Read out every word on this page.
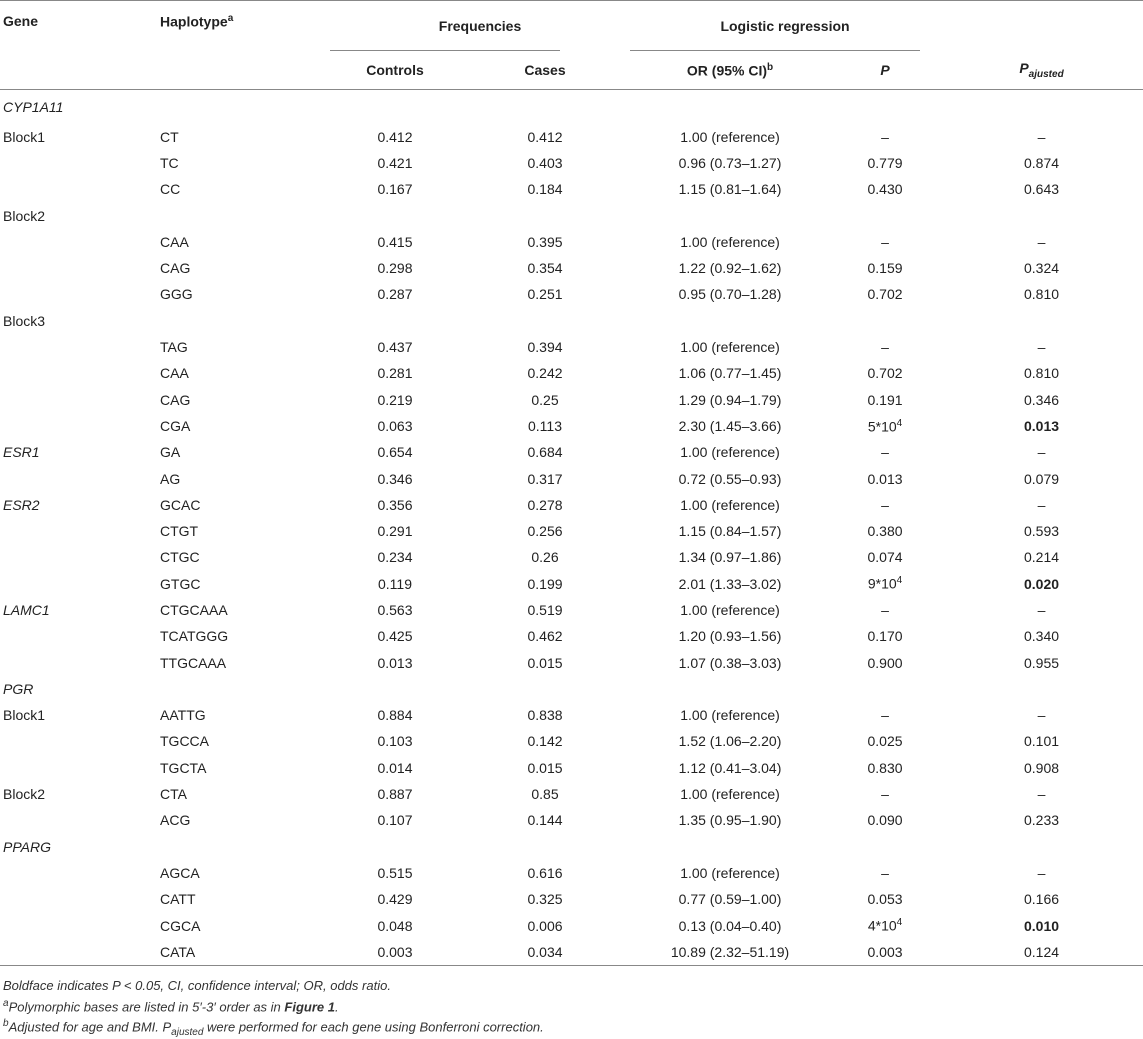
Gene	Haplotype$^a$	Frequencies		Logistic regression	

		Controls	Cases	OR (95% CI)$^b$	P	$P_{ajusted}$
CYP1A11						
Block1	CT	0.412	0.412	1.00 (reference)	–	–
	TC	0.421	0.403	0.96 (0.73–1.27)	0.779	0.874
	CC	0.167	0.184	1.15 (0.81–1.64)	0.430	0.643
Block2						
	CAA	0.415	0.395	1.00 (reference)	–	–
	CAG	0.298	0.354	1.22 (0.92–1.62)	0.159	0.324
	GGG	0.287	0.251	0.95 (0.70–1.28)	0.702	0.810
Block3						
	TAG	0.437	0.394	1.00 (reference)	–	–
	CAA	0.281	0.242	1.06 (0.77–1.45)	0.702	0.810
	CAG	0.219	0.25	1.29 (0.94–1.79)	0.191	0.346
	CGA	0.063	0.113	2.30 (1.45–3.66)	$5*10^4$	0.013
ESR1	GA	0.654	0.684	1.00 (reference)	–	–
	AG	0.346	0.317	0.72 (0.55–0.93)	0.013	0.079
ESR2	GCAC	0.356	0.278	1.00 (reference)	–	–
	CTGT	0.291	0.256	1.15 (0.84–1.57)	0.380	0.593
	CTGC	0.234	0.26	1.34 (0.97–1.86)	0.074	0.214
	GTGC	0.119	0.199	2.01 (1.33–3.02)	$9*10^4$	0.020
LAMC1	CTGCAAA	0.563	0.519	1.00 (reference)	–	–
	TCATGGG	0.425	0.462	1.20 (0.93–1.56)	0.170	0.340
	TTGCAAA	0.013	0.015	1.07 (0.38–3.03)	0.900	0.955
PGR						
Block1	AATTG	0.884	0.838	1.00 (reference)	–	–
	TGCCA	0.103	0.142	1.52 (1.06–2.20)	0.025	0.101
	TGCTA	0.014	0.015	1.12 (0.41–3.04)	0.830	0.908
Block2	CTA	0.887	0.85	1.00 (reference)	–	–
	ACG	0.107	0.144	1.35 (0.95–1.90)	0.090	0.233
PPARG						
	AGCA	0.515	0.616	1.00 (reference)	–	–
	CATT	0.429	0.325	0.77 (0.59–1.00)	0.053	0.166
	CGCA	0.048	0.006	0.13 (0.04–0.40)	$4*10^4$	0.010
	CATA	0.003	0.034	10.89 (2.32–51.19)	0.003	0.124
Boldface indicates P < 0.05, CI, confidence interval; OR, odds ratio.
$^a$Polymorphic bases are listed in 5′-3′ order as in Figure 1.
$^b$Adjusted for age and BMI. $P_{ajusted}$ were performed for each gene using Bonferroni correction.
